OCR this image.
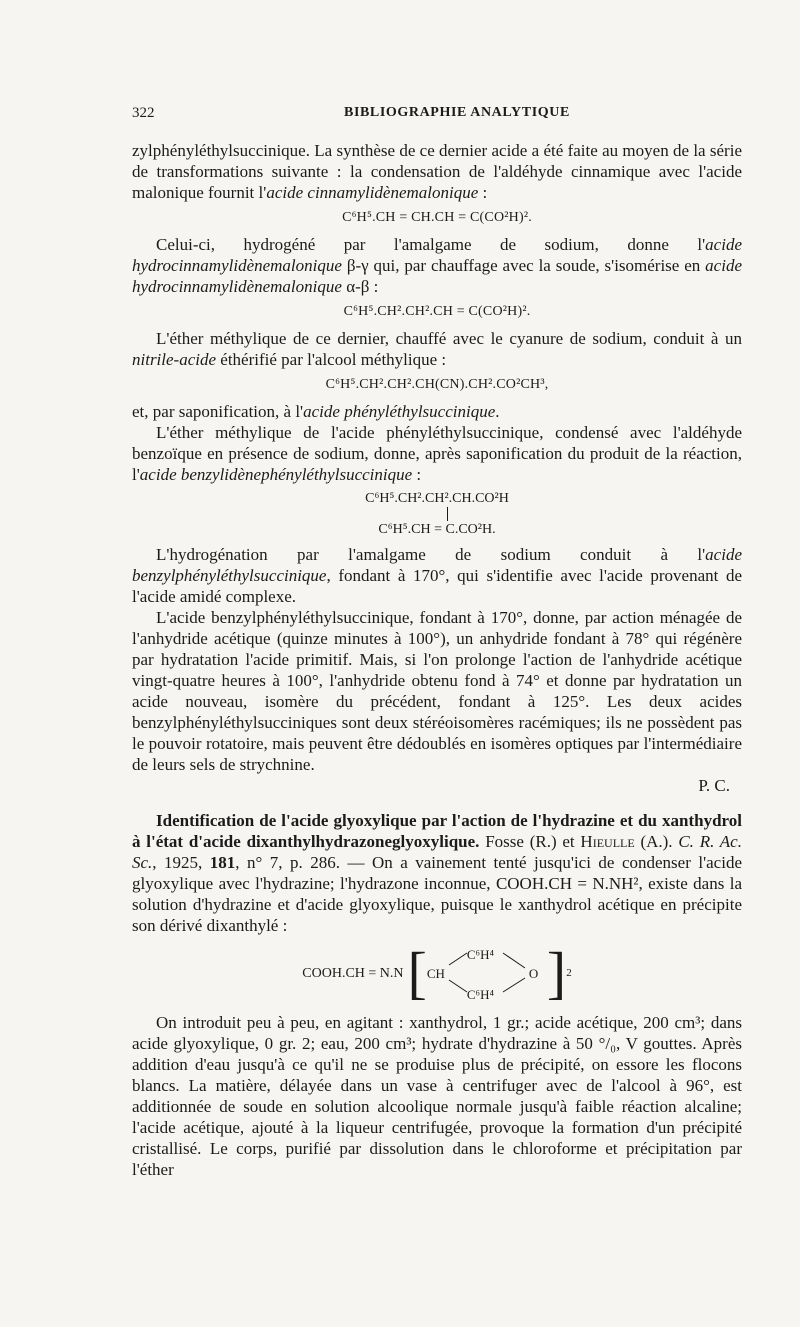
322	BIBLIOGRAPHIE ANALYTIQUE

zylphényléthylsuccinique. La synthèse de ce dernier acide a été faite au moyen de la série de transformations suivante : la condensation de l'aldéhyde cinnamique avec l'acide malonique fournit l'acide cinnamylidènemalonique :

C⁶H⁵.CH = CH.CH = C(CO²H)².

Celui-ci, hydrogéné par l'amalgame de sodium, donne l'acide hydrocinnamylidènemalonique β-γ qui, par chauffage avec la soude, s'isomérise en acide hydrocinnamylidènemalonique α-β :

C⁶H⁵.CH².CH².CH = C(CO²H)².

L'éther méthylique de ce dernier, chauffé avec le cyanure de sodium, conduit à un nitrile-acide éthérifié par l'alcool méthylique :

C⁶H⁵.CH².CH².CH(CN).CH².CO²CH³,

et, par saponification, à l'acide phényléthylsuccinique.

L'éther méthylique de l'acide phényléthylsuccinique, condensé avec l'aldéhyde benzoïque en présence de sodium, donne, après saponification du produit de la réaction, l'acide benzylidènephényléthylsuccinique :

C⁶H⁵.CH².CH².CH.CO²H
C⁶H⁵.CH = C.CO²H.

L'hydrogénation par l'amalgame de sodium conduit à l'acide benzylphényléthylsuccinique, fondant à 170°, qui s'identifie avec l'acide provenant de l'acide amidé complexe.

L'acide benzylphényléthylsuccinique, fondant à 170°, donne, par action ménagée de l'anhydride acétique (quinze minutes à 100°), un anhydride fondant à 78° qui régénère par hydratation l'acide primitif. Mais, si l'on prolonge l'action de l'anhydride acétique vingt-quatre heures à 100°, l'anhydride obtenu fond à 74° et donne par hydratation un acide nouveau, isomère du précédent, fondant à 125°. Les deux acides benzylphényléthylsucciniques sont deux stéréoisomères racémiques; ils ne possèdent pas le pouvoir rotatoire, mais peuvent être dédoublés en isomères optiques par l'intermédiaire de leurs sels de strychnine.

P. C.

Identification de l'acide glyoxylique par l'action de l'hydrazine et du xanthydrol à l'état d'acide dixanthylhydrazoneglyoxylique. Fosse (R.) et Hieulle (A.). C. R. Ac. Sc., 1925, 181, n° 7, p. 286. — On a vainement tenté jusqu'ici de condenser l'acide glyoxylique avec l'hydrazine; l'hydrazone inconnue, COOH.CH = N.NH², existe dans la solution d'hydrazine et d'acide glyoxylique, puisque le xanthydrol acétique en précipite son dérivé dixanthylé :

COOH.CH = N.N [	C⁶H⁴
CH	O
C⁶H⁴ ] 2

On introduit peu à peu, en agitant : xanthydrol, 1 gr.; acide acétique, 200 cm³; dans acide glyoxylique, 0 gr. 2; eau, 200 cm³; hydrate d'hydrazine à 50 °/₀, V gouttes. Après addition d'eau jusqu'à ce qu'il ne se produise plus de précipité, on essore les flocons blancs. La matière, délayée dans un vase à centrifuger avec de l'alcool à 96°, est additionnée de soude en solution alcoolique normale jusqu'à faible réaction alcaline; l'acide acétique, ajouté à la liqueur centrifugée, provoque la formation d'un précipité cristallisé. Le corps, purifié par dissolution dans le chloroforme et précipitation par l'éther
